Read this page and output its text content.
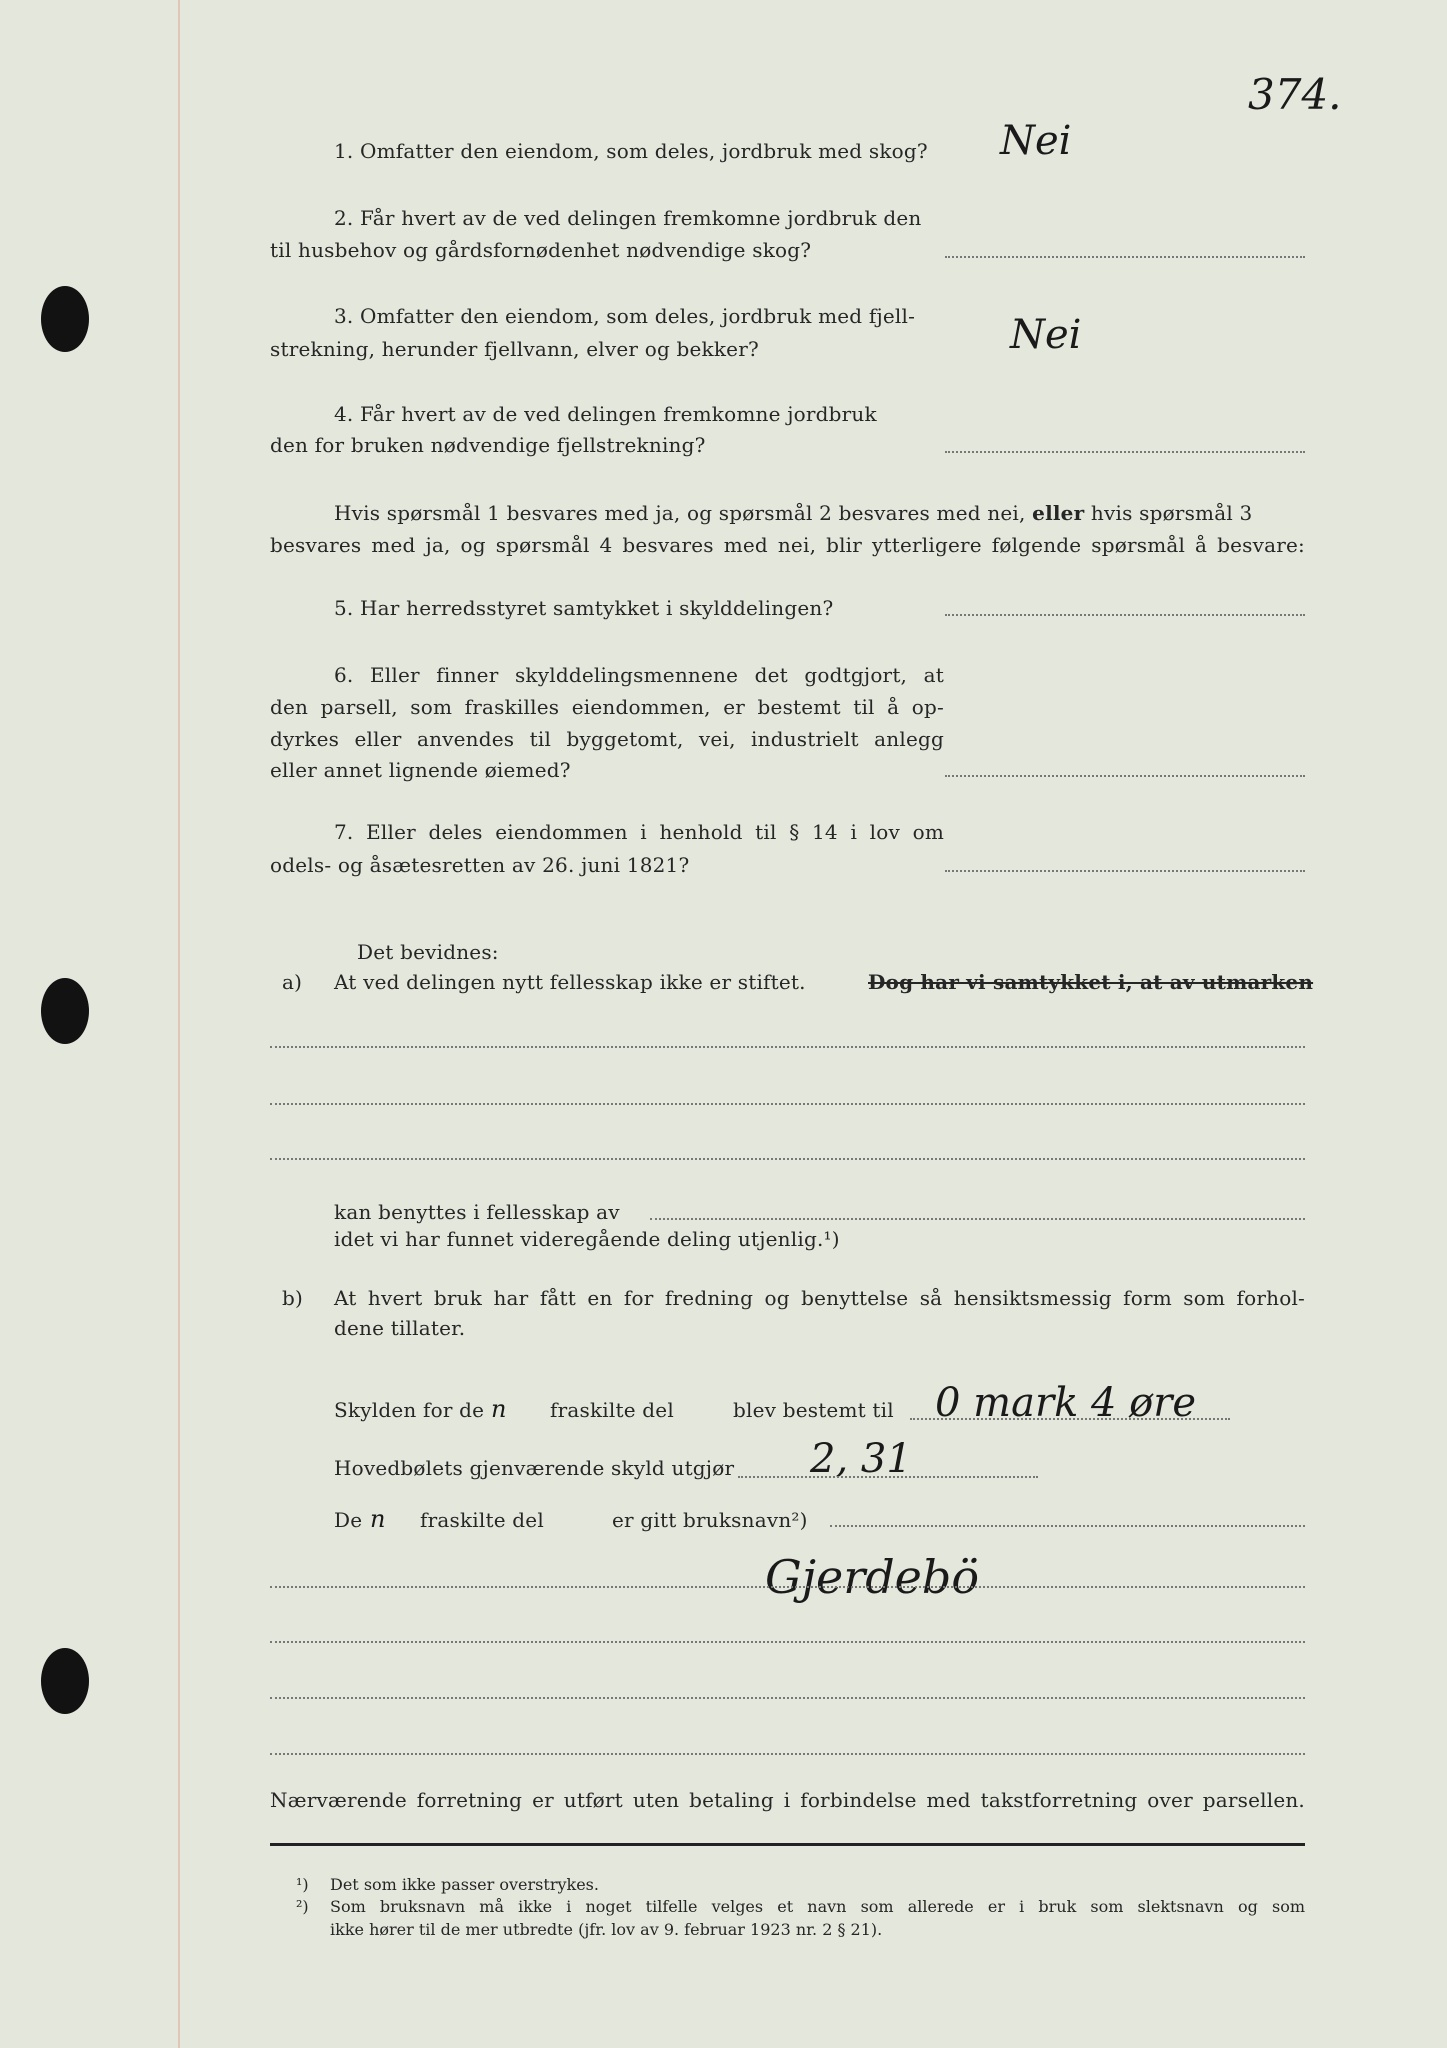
374.
1. Omfatter den eiendom, som deles, jordbruk med skog? Nei
2. Får hvert av de ved delingen fremkomne jordbruk den
til husbehov og gårdsfornødenhet nødvendige skog?
3. Omfatter den eiendom, som deles, jordbruk med fjell-
strekning, herunder fjellvann, elver og bekker?	Nei
4. Får hvert av de ved delingen fremkomne jordbruk
den for bruken nødvendige fjellstrekning?
Hvis spørsmål 1 besvares med ja, og spørsmål 2 besvares med nei, eller hvis spørsmål 3
besvares med ja, og spørsmål 4 besvares med nei, blir ytterligere følgende spørsmål å besvare:
5. Har herredsstyret samtykket i skylddelingen?
6. Eller finner skylddelingsmennene det godtgjort, at
den parsell, som fraskilles eiendommen, er bestemt til å op-
dyrkes eller anvendes til byggetomt, vei, industrielt anlegg
eller annet lignende øiemed?
7. Eller deles eiendommen i henhold til § 14 i lov om
odels- og åsætesretten av 26. juni 1821?
Det bevidnes:
a) At ved delingen nytt fellesskap ikke er stiftet.	Dog har vi samtykket i, at av utmarken
kan benyttes i fellesskap av
idet vi har funnet videregående deling utjenlig.¹)
b) At hvert bruk har fått en for fredning og benyttelse så hensiktsmessig form som forhol-
dene tillater.
Skylden for de n fraskilte del	blev bestemt til 0 mark 4 øre
Hovedbølets gjenværende skyld utgjør 2, 31
De n fraskilte del	er gitt bruksnavn²)
Gjerdebö
Nærværende forretning er utført uten betaling i forbindelse med takstforretning over parsellen.
¹) Det som ikke passer overstrykes.
²) Som bruksnavn må ikke i noget tilfelle velges et navn som allerede er i bruk som slektsnavn og som
ikke hører til de mer utbredte (jfr. lov av 9. februar 1923 nr. 2 § 21).
